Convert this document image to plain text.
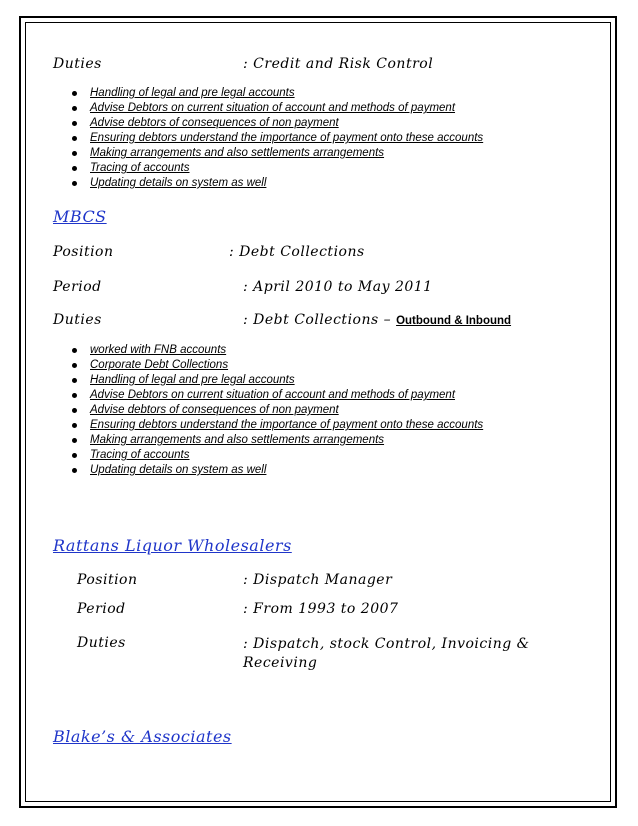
Duties	: Credit and Risk Control
Handling of legal and pre legal accounts
Advise Debtors on current situation of account and methods of payment
Advise debtors of consequences of non payment
Ensuring debtors understand the importance of payment onto these accounts
Making arrangements and also settlements arrangements
Tracing of accounts
Updating details on system as well
MBCS
Position	: Debt Collections
Period	: April 2010 to May 2011
Duties	: Debt Collections – Outbound & Inbound
worked with FNB accounts
Corporate Debt Collections
Handling of legal and pre legal accounts
Advise Debtors on current situation of account and methods of payment
Advise debtors of consequences of non payment
Ensuring debtors understand the importance of payment onto these accounts
Making arrangements and also settlements arrangements
Tracing of accounts
Updating details on system as well
Rattans Liquor Wholesalers
Position	: Dispatch Manager
Period	: From 1993 to 2007
Duties	: Dispatch, stock Control, Invoicing & Receiving
Blake’s & Associates
